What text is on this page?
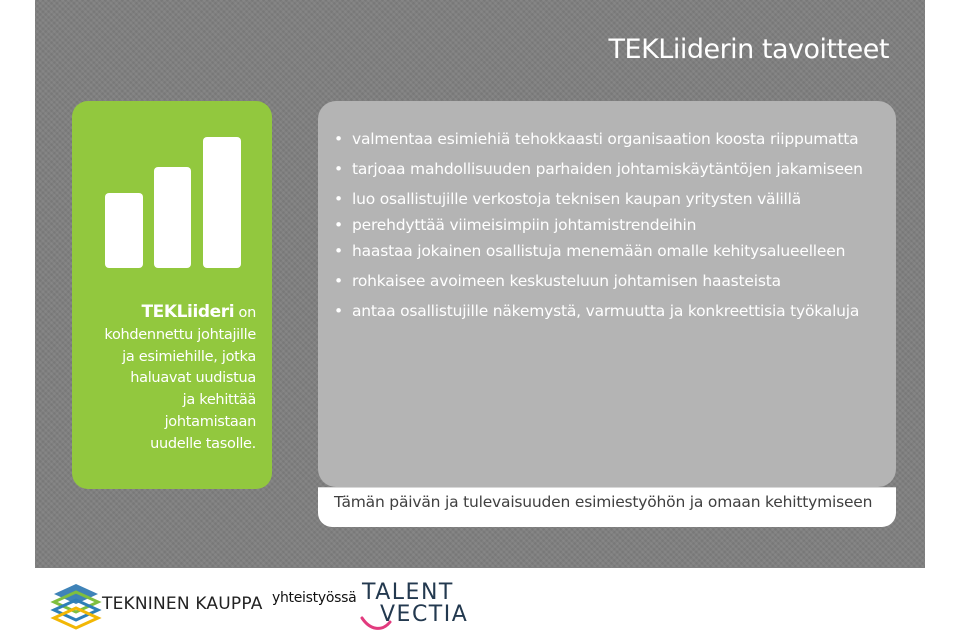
TEKLiiderin tavoitteet
TEKLiideri on
kohdennettu johtajille
ja esimiehille, jotka
haluavat uudistua
ja kehittää
johtamistaan
uudelle tasolle.
• valmentaa esimiehiä tehokkaasti organisaation koosta riippumatta
• tarjoaa mahdollisuuden parhaiden johtamiskäytäntöjen jakamiseen
• luo osallistujille verkostoja teknisen kaupan yritysten välillä
• perehdyttää viimeisimpiin johtamistrendeihin
• haastaa jokainen osallistuja menemään omalle kehitysalueelleen
• rohkaisee avoimeen keskusteluun johtamisen haasteista
• antaa osallistujille näkemystä, varmuutta ja konkreettisia työkaluja
Tämän päivän ja tulevaisuuden esimiestyöhön ja omaan kehittymiseen
TEKNINEN KAUPPA yhteistyössä TALENT
VECTIA
